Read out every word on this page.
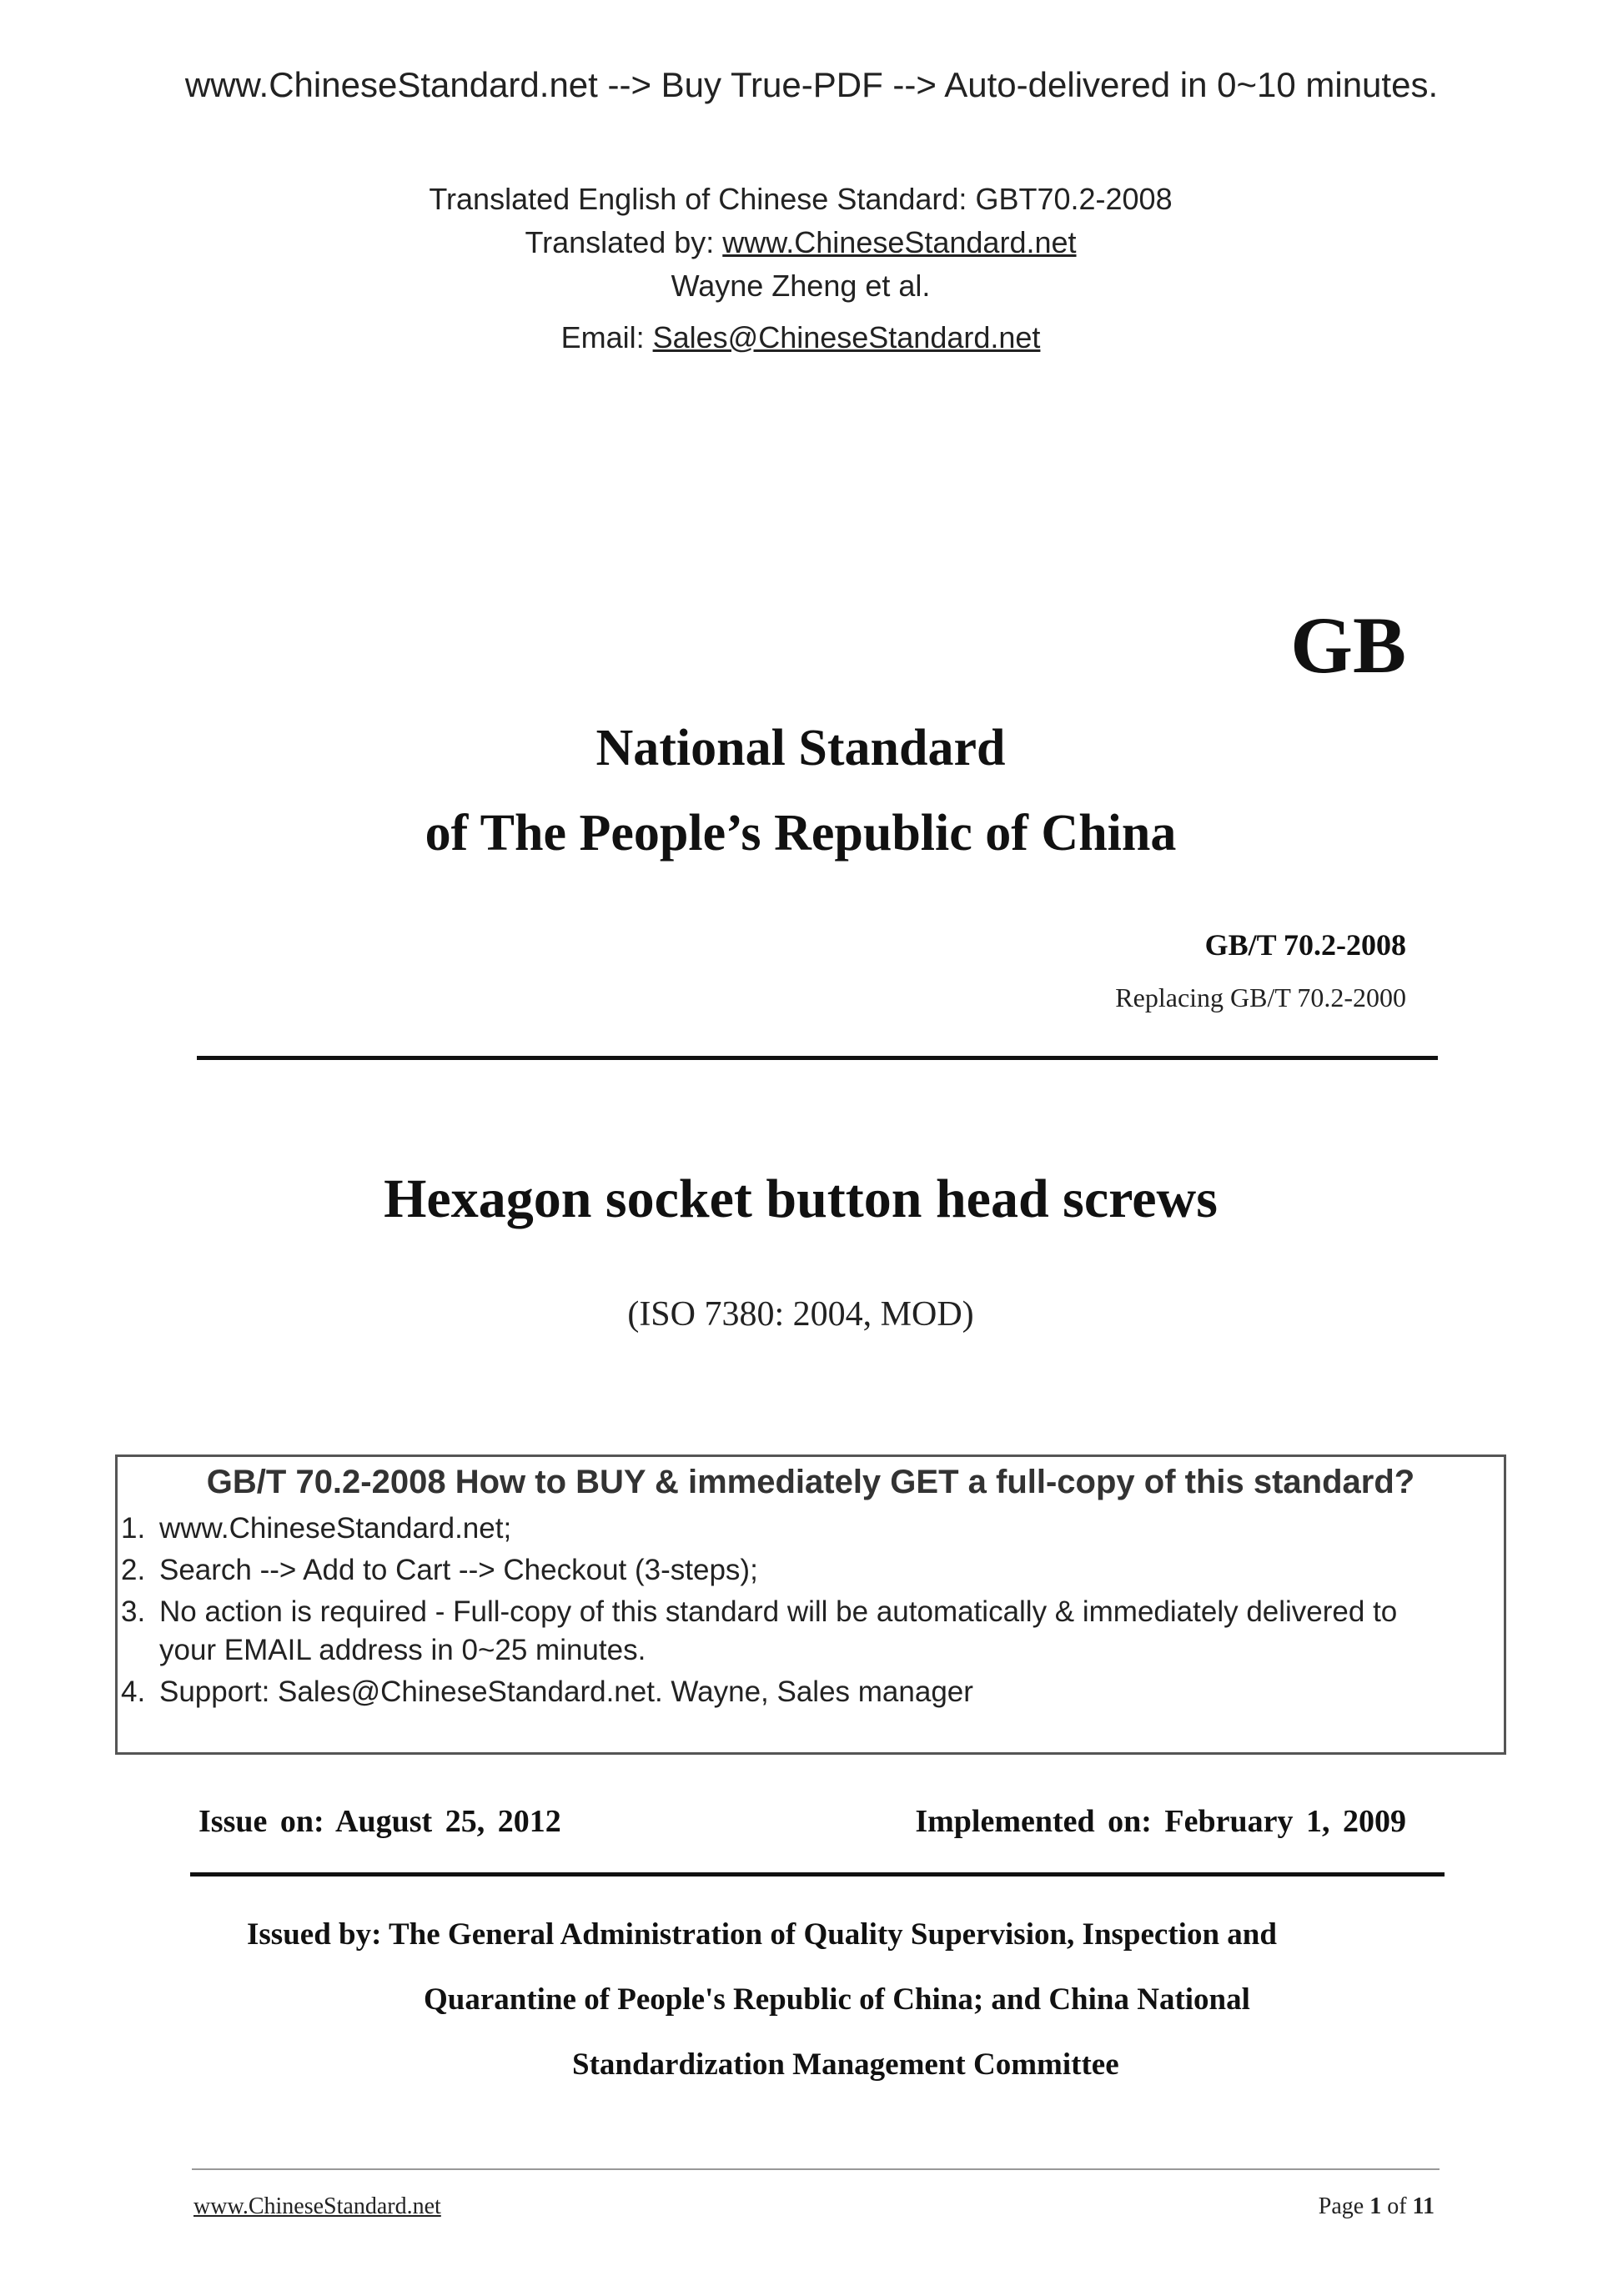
www.ChineseStandard.net --> Buy True-PDF --> Auto-delivered in 0~10 minutes.
Translated English of Chinese Standard: GBT70.2-2008
Translated by: www.ChineseStandard.net
Wayne Zheng et al.
Email: Sales@ChineseStandard.net
GB
National Standard
of The People’s Republic of China
GB/T 70.2-2008
Replacing GB/T 70.2-2000
Hexagon socket button head screws
(ISO 7380: 2004, MOD)
GB/T 70.2-2008 How to BUY & immediately GET a full-copy of this standard?
1. www.ChineseStandard.net;
2. Search --> Add to Cart --> Checkout (3-steps);
3. No action is required - Full-copy of this standard will be automatically & immediately delivered to
your EMAIL address in 0~25 minutes.
4. Support: Sales@ChineseStandard.net. Wayne, Sales manager
Issue on: August 25, 2012	Implemented on: February 1, 2009
Issued by: The General Administration of Quality Supervision, Inspection and
Quarantine of People's Republic of China; and China National
Standardization Management Committee
www.ChineseStandard.net	Page 1 of 11
